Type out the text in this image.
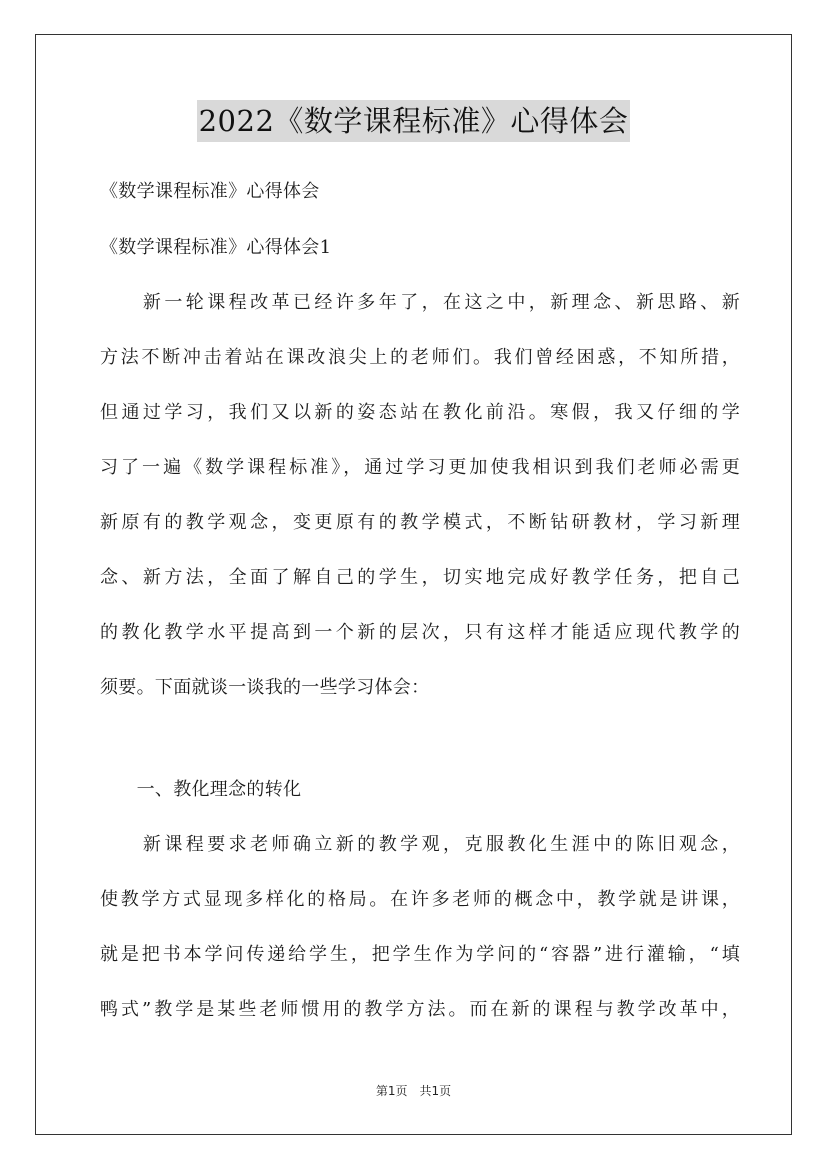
2022《数学课程标准》心得体会
《数学课程标准》心得体会
《数学课程标准》心得体会1
　　新一轮课程改革已经许多年了，在这之中，新理念、新思路、新
方法不断冲击着站在课改浪尖上的老师们。我们曾经困惑，不知所措，
但通过学习，我们又以新的姿态站在教化前沿。寒假，我又仔细的学
习了一遍《数学课程标准》，通过学习更加使我相识到我们老师必需更
新原有的教学观念，变更原有的教学模式，不断钻研教材，学习新理
念、新方法，全面了解自己的学生，切实地完成好教学任务，把自己
的教化教学水平提高到一个新的层次，只有这样才能适应现代教学的
须要。下面就谈一谈我的一些学习体会：
　　一、教化理念的转化
　　新课程要求老师确立新的教学观，克服教化生涯中的陈旧观念，
使教学方式显现多样化的格局。在许多老师的概念中，教学就是讲课，
就是把书本学问传递给学生，把学生作为学问的“容器”进行灌输，“填
鸭式”教学是某些老师惯用的教学方法。而在新的课程与教学改革中，
第1页　共1页
